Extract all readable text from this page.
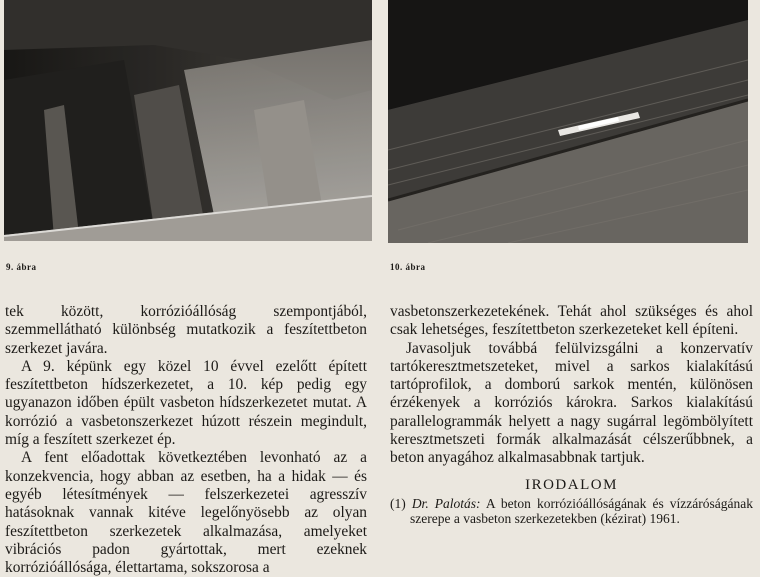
9. ábra	10. ábra

tek között, korrózióállóság szempontjából, szemmellátható különbség mutatkozik a feszítettbeton szerkezet javára.

A 9. képünk egy közel 10 évvel ezelőtt épített feszítettbeton hídszerkezetet, a 10. kép pedig egy ugyanazon időben épült vasbeton hídszerkezetet mutat. A korrózió a vasbetonszerkezet húzott részein megindult, míg a feszített szerkezet ép.

A fent előadottak következtében levonható az a konzekvencia, hogy abban az esetben, ha a hidak — és egyéb létesítmények — felszerkezetei agresszív hatásoknak vannak kitéve legelőnyösebb az olyan feszítettbeton szerkezetek alkalmazása, amelyeket vibrációs padon gyártottak, mert ezeknek korrózióállósága, élettartama, sokszorosa a

vasbetonszerkezetekének. Tehát ahol szükséges és ahol csak lehetséges, feszítettbeton szerkezeteket kell építeni.

Javasoljuk továbbá felülvizsgálni a konzervatív tartókeresztmetszeteket, mivel a sarkos kialakítású tartóprofilok, a domború sarkok mentén, különösen érzékenyek a korróziós károkra. Sarkos kialakítású parallelogrammák helyett a nagy sugárral legömbölyített keresztmetszeti formák alkalmazását célszerűbbnek, a beton anyagához alkalmasabbnak tartjuk.

IRODALOM

(1) Dr. Palotás: A beton korrózióállóságának és vízzáróságának szerepe a vasbeton szerkezetekben (kézirat) 1961.
